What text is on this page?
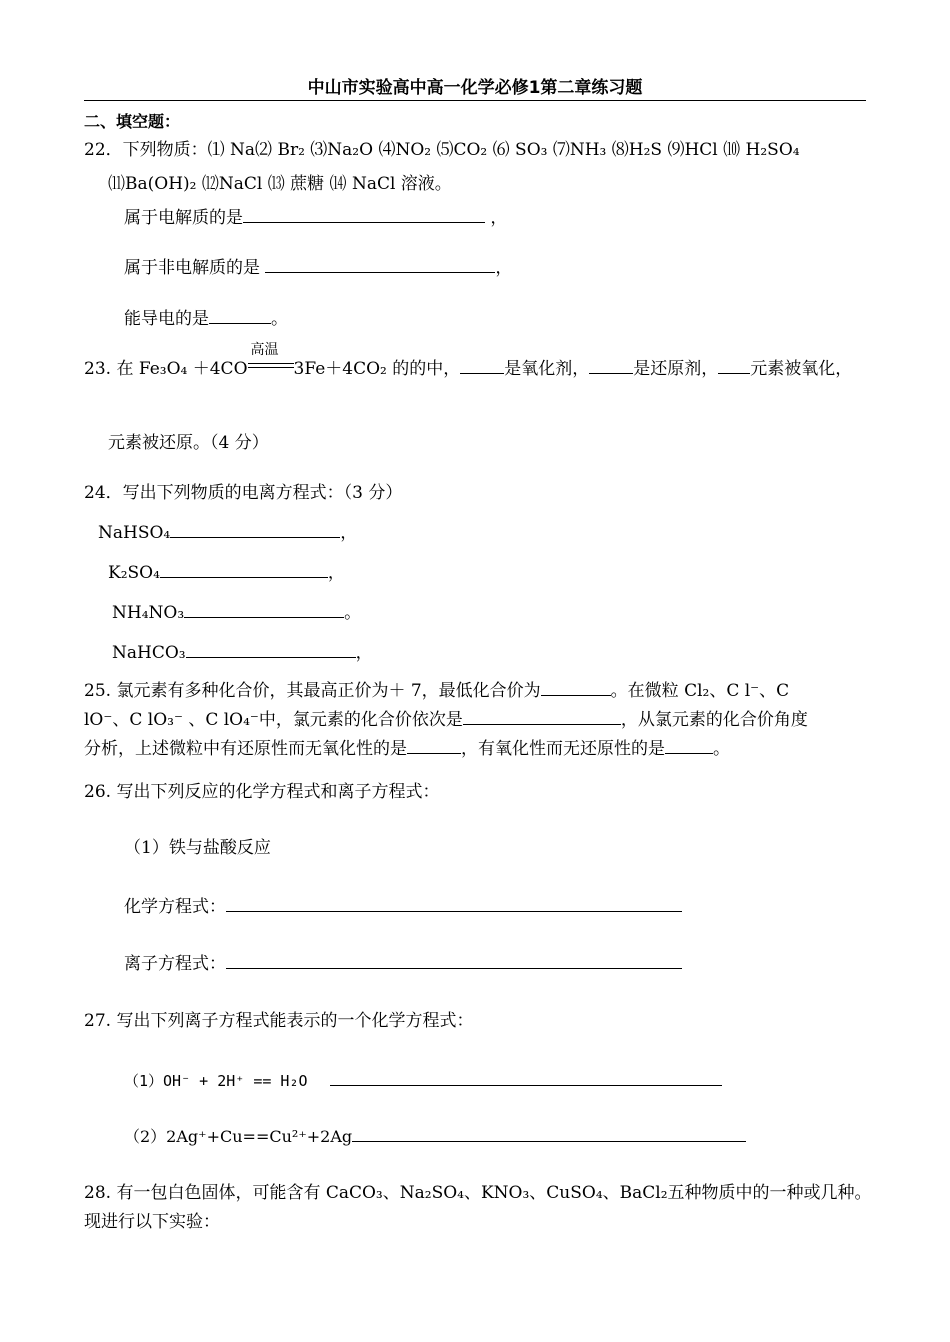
中山市实验高中高一化学必修1第二章练习题
二、填空题：
22．下列物质：⑴ Na⑵ Br₂ ⑶Na₂O ⑷NO₂ ⑸CO₂ ⑹ SO₃ ⑺NH₃ ⑻H₂S ⑼HCl ⑽ H₂SO₄
⑾Ba(OH)₂ ⑿NaCl ⒀ 蔗糖 ⒁ NaCl 溶液。
属于电解质的是	，
属于非电解质的是	，
能导电的是	。
23. 在 Fe₃O₄ ＋4CO
高温
3Fe＋4CO₂ 的的中，	是氧化剂，	是还原剂， 元素被氧化，
元素被还原。（4 分）
24．写出下列物质的电离方程式：（3 分）
NaHSO₄	，
K₂SO₄	，
NH₄NO₃	。
NaHCO₃	，
25. 氯元素有多种化合价，其最高正价为＋ 7，最低化合价为	。在微粒 Cl₂、C l⁻、C
lO⁻、C lO₃⁻ 、C lO₄⁻中，氯元素的化合价依次是	，从氯元素的化合价角度
分析，上述微粒中有还原性而无氧化性的是	，有氧化性而无还原性的是	。
26. 写出下列反应的化学方程式和离子方程式：
（1）铁与盐酸反应
化学方程式：
离子方程式：
27. 写出下列离子方程式能表示的一个化学方程式：
（1）OH⁻ + 2H⁺ == H₂O
（2）2Ag⁺+Cu==Cu²⁺+2Ag
28. 有一包白色固体，可能含有 CaCO₃、Na₂SO₄、KNO₃、CuSO₄、BaCl₂五种物质中的一种或几种。
现进行以下实验：
